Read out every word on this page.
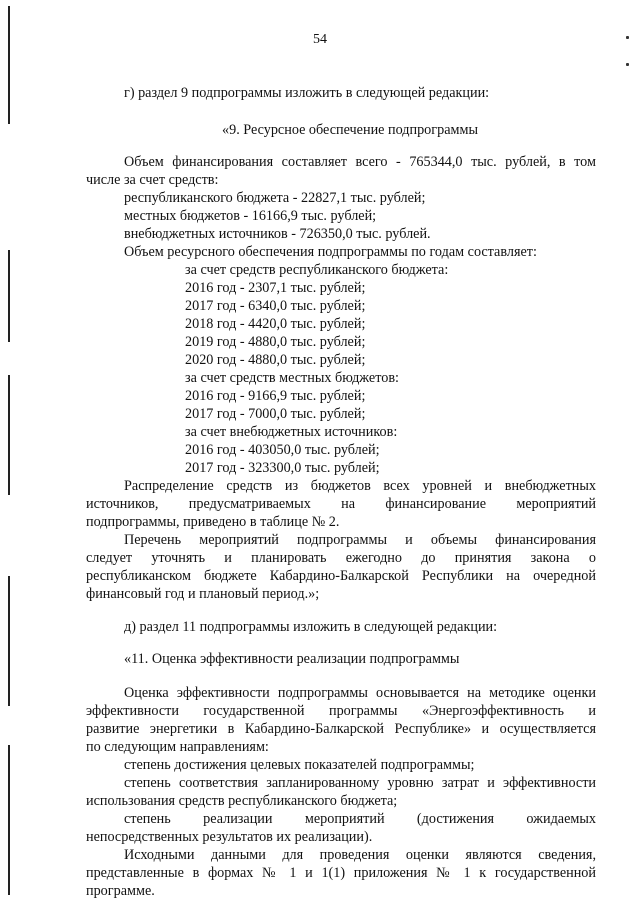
54
г) раздел 9 подпрограммы изложить в следующей редакции:
«9. Ресурсное обеспечение подпрограммы
Объем финансирования составляет всего - 765344,0 тыс. рублей, в том
числе за счет средств:
республиканского бюджета - 22827,1 тыс. рублей;
местных бюджетов - 16166,9 тыс. рублей;
внебюджетных источников - 726350,0 тыс. рублей.
Объем ресурсного обеспечения подпрограммы по годам составляет:
за счет средств республиканского бюджета:
2016 год - 2307,1 тыс. рублей;
2017 год - 6340,0 тыс. рублей;
2018 год - 4420,0 тыс. рублей;
2019 год - 4880,0 тыс. рублей;
2020 год - 4880,0 тыс. рублей;
за счет средств местных бюджетов:
2016 год - 9166,9 тыс. рублей;
2017 год - 7000,0 тыс. рублей;
за счет внебюджетных источников:
2016 год - 403050,0 тыс. рублей;
2017 год - 323300,0 тыс. рублей;
Распределение средств из бюджетов всех уровней и внебюджетных
источников, предусматриваемых на финансирование мероприятий
подпрограммы, приведено в таблице № 2.
Перечень мероприятий подпрограммы и объемы финансирования
следует уточнять и планировать ежегодно до принятия закона о
республиканском бюджете Кабардино-Балкарской Республики на очередной
финансовый год и плановый период.»;
д) раздел 11 подпрограммы изложить в следующей редакции:
«11. Оценка эффективности реализации подпрограммы
Оценка эффективности подпрограммы основывается на методике оценки
эффективности государственной программы «Энергоэффективность и
развитие энергетики в Кабардино-Балкарской Республике» и осуществляется
по следующим направлениям:
степень достижения целевых показателей подпрограммы;
степень соответствия запланированному уровню затрат и эффективности
использования средств республиканского бюджета;
степень реализации мероприятий (достижения ожидаемых
непосредственных результатов их реализации).
Исходными данными для проведения оценки являются сведения,
представленные в формах № 1 и 1(1) приложения № 1 к государственной
программе.
